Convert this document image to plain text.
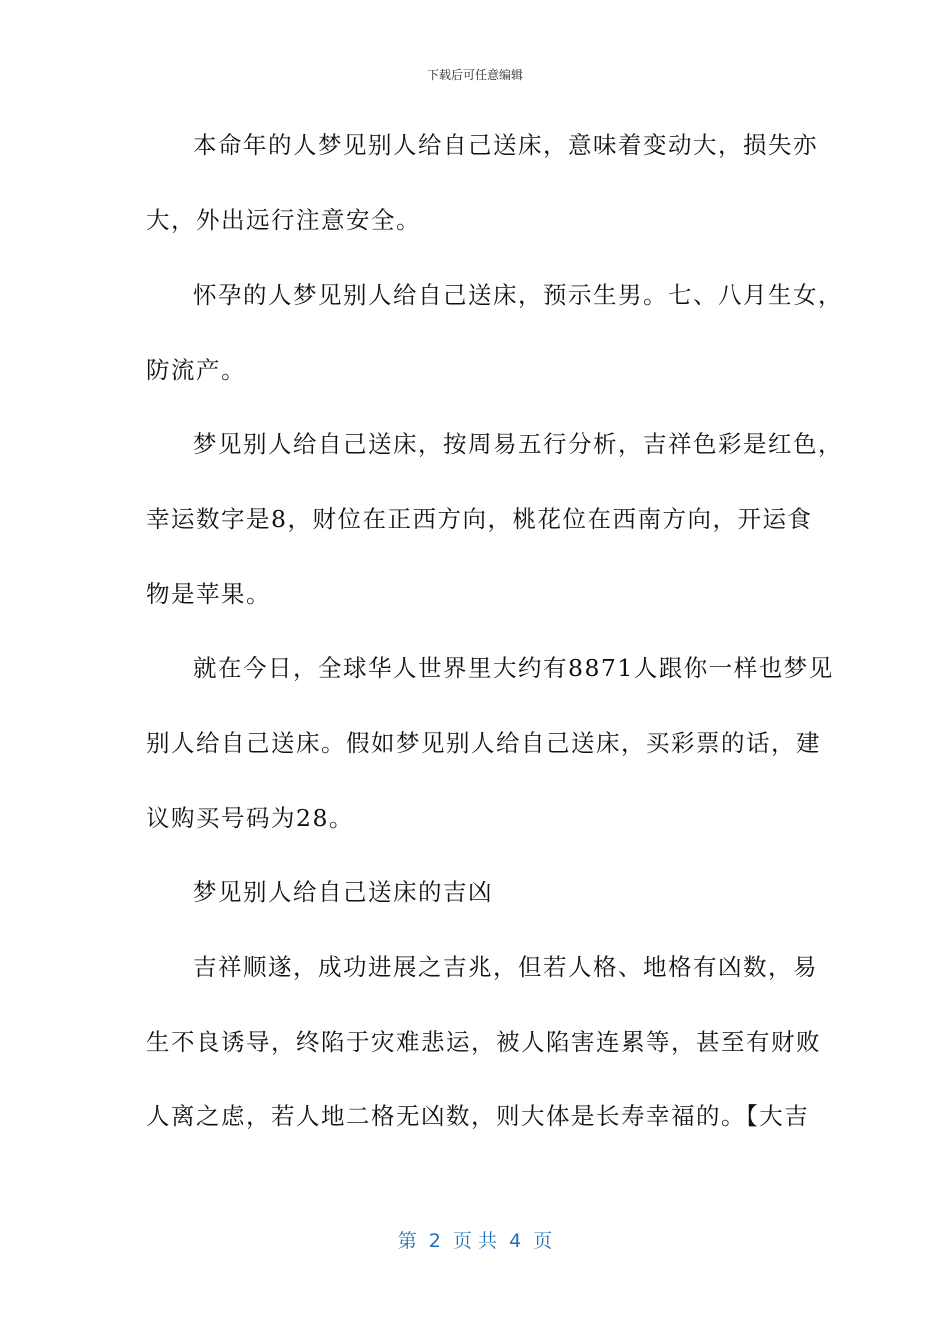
下载后可任意编辑
本命年的人梦见别人给自己送床，意味着变动大，损失亦
大，外出远行注意安全。
怀孕的人梦见别人给自己送床，预示生男。七、八月生女，
防流产。
梦见别人给自己送床，按周易五行分析，吉祥色彩是红色，
幸运数字是8，财位在正西方向，桃花位在西南方向，开运食
物是苹果。
就在今日，全球华人世界里大约有8871人跟你一样也梦见
别人给自己送床。假如梦见别人给自己送床，买彩票的话，建
议购买号码为28。
梦见别人给自己送床的吉凶
吉祥顺遂，成功进展之吉兆，但若人格、地格有凶数，易
生不良诱导，终陷于灾难悲运，被人陷害连累等，甚至有财败
人离之虑，若人地二格无凶数，则大体是长寿幸福的。【大吉
第  2  页 共  4  页
